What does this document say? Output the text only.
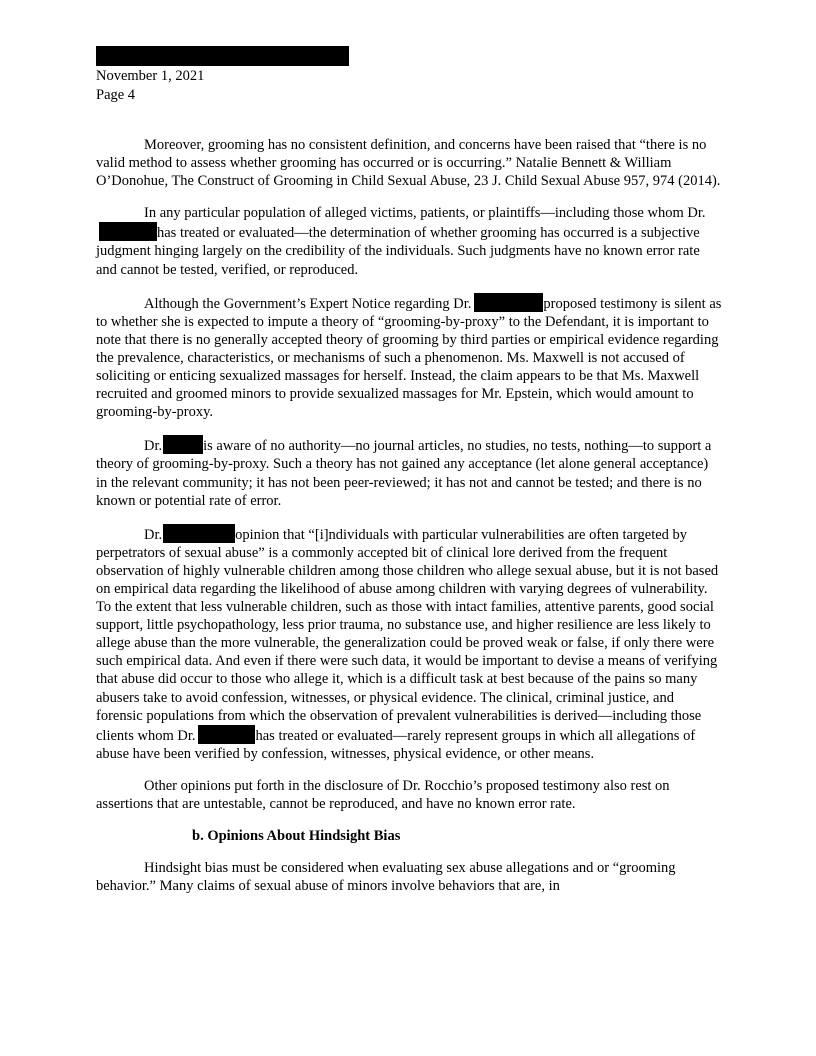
November 1, 2021
Page 4

Moreover, grooming has no consistent definition, and concerns have been raised that “there is no valid method to assess whether grooming has occurred or is occurring.” Natalie Bennett & William O’Donohue, The Construct of Grooming in Child Sexual Abuse, 23 J. Child Sexual Abuse 957, 974 (2014).

In any particular population of alleged victims, patients, or plaintiffs—including those whom Dr.has treated or evaluated—the determination of whether grooming has occurred is a subjective judgment hinging largely on the credibility of the individuals. Such judgments have no known error rate and cannot be tested, verified, or reproduced.

Although the Government’s Expert Notice regarding Dr.	proposed testimony is silent as to whether she is expected to impute a theory of “grooming-by-proxy” to the Defendant, it is important to note that there is no generally accepted theory of grooming by third parties or empirical evidence regarding the prevalence, characteristics, or mechanisms of such a phenomenon. Ms. Maxwell is not accused of soliciting or enticing sexualized massages for herself. Instead, the claim appears to be that Ms. Maxwell recruited and groomed minors to provide sexualized massages for Mr. Epstein, which would amount to grooming-by-proxy.

Dr.	is aware of no authority—no journal articles, no studies, no tests, nothing—to support a theory of grooming-by-proxy. Such a theory has not gained any acceptance (let alone general acceptance) in the relevant community; it has not been peer-reviewed; it has not and cannot be tested; and there is no known or potential rate of error.

Dr.	opinion that “[i]ndividuals with particular vulnerabilities are often targeted by perpetrators of sexual abuse” is a commonly accepted bit of clinical lore derived from the frequent observation of highly vulnerable children among those children who allege sexual abuse, but it is not based on empirical data regarding the likelihood of abuse among children with varying degrees of vulnerability. To the extent that less vulnerable children, such as those with intact families, attentive parents, good social support, little psychopathology, less prior trauma, no substance use, and higher resilience are less likely to allege abuse than the more vulnerable, the generalization could be proved weak or false, if only there were such empirical data. And even if there were such data, it would be important to devise a means of verifying that abuse did occur to those who allege it, which is a difficult task at best because of the pains so many abusers take to avoid confession, witnesses, or physical evidence. The clinical, criminal justice, and forensic populations from which the observation of prevalent vulnerabilities is derived—including those clients whom Dr.	has treated or evaluated—rarely represent groups in which all allegations of abuse have been verified by confession, witnesses, physical evidence, or other means.

Other opinions put forth in the disclosure of Dr. Rocchio’s proposed testimony also rest on assertions that are untestable, cannot be reproduced, and have no known error rate.

b. Opinions About Hindsight Bias

Hindsight bias must be considered when evaluating sex abuse allegations and or “grooming behavior.” Many claims of sexual abuse of minors involve behaviors that are, in
